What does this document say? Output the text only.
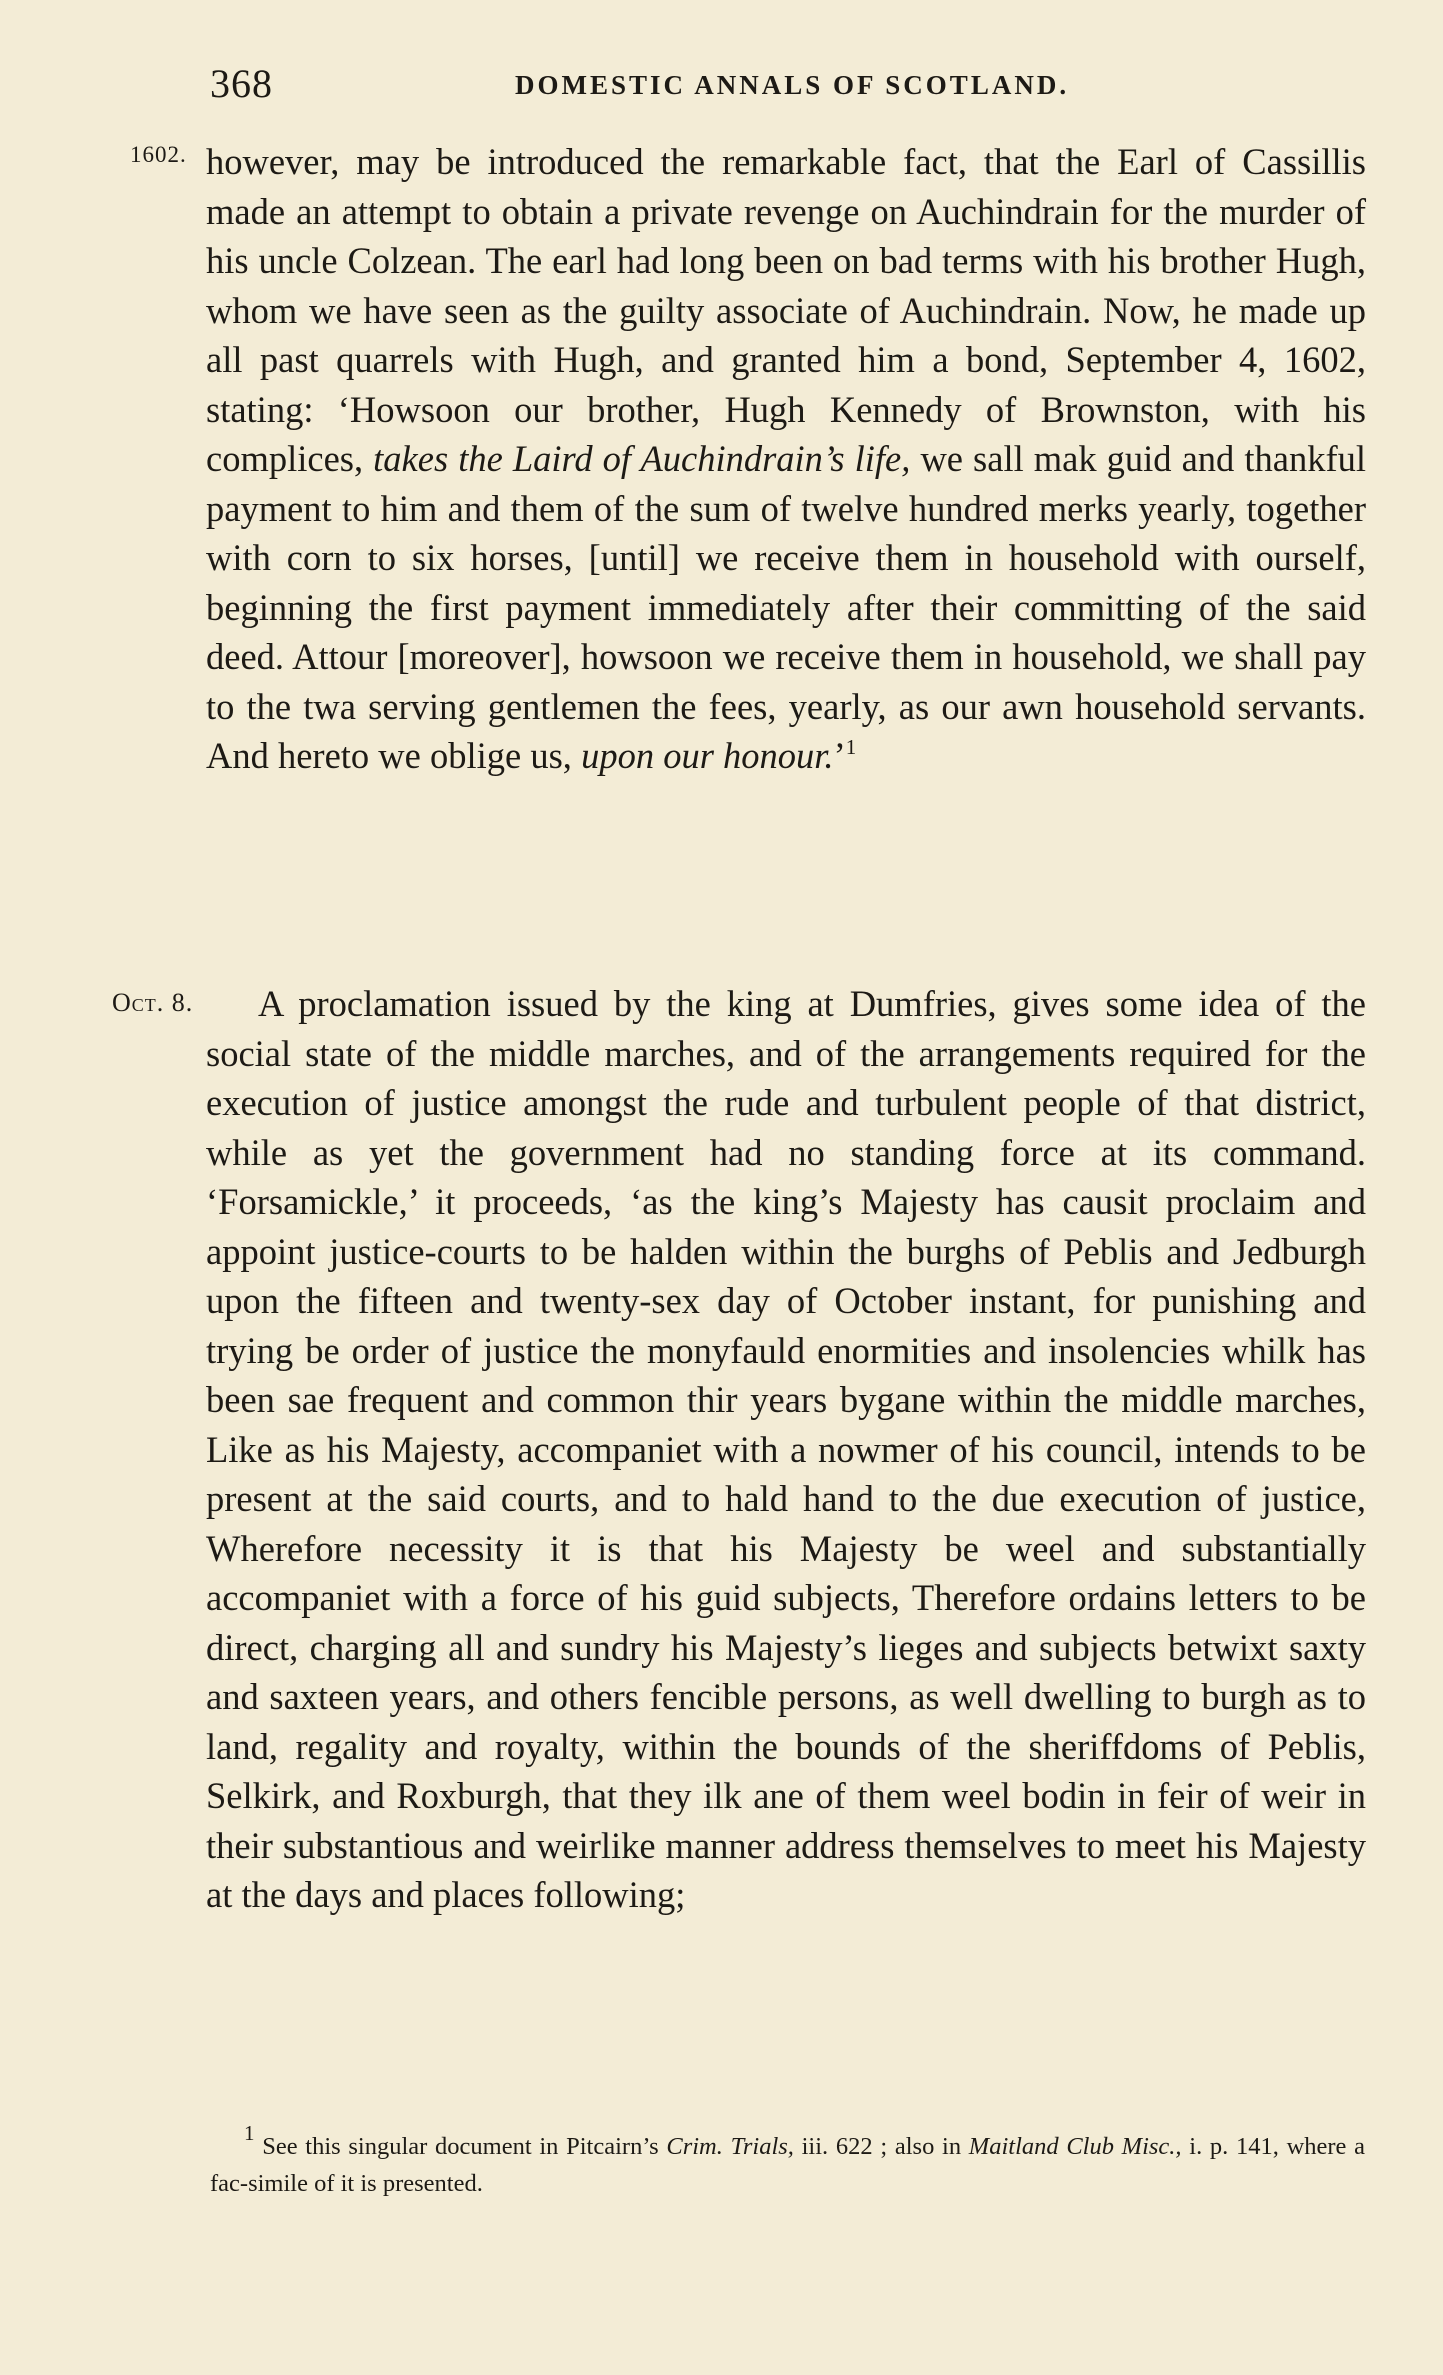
368	DOMESTIC ANNALS OF SCOTLAND.
1602.
Oct. 8.

however, may be introduced the remarkable fact, that the Earl of Cassillis made an attempt to obtain a private revenge on Auchindrain for the murder of his uncle Colzean. The earl had long been on bad terms with his brother Hugh, whom we have seen as the guilty associate of Auchindrain. Now, he made up all past quarrels with Hugh, and granted him a bond, September 4, 1602, stating: ‘Howsoon our brother, Hugh Kennedy of Brownston, with his complices, takes the Laird of Auchindrain’s life, we sall mak guid and thankful payment to him and them of the sum of twelve hundred merks yearly, together with corn to six horses, [until] we receive them in household with ourself, beginning the first payment immediately after their committing of the said deed. Attour [moreover], howsoon we receive them in household, we shall pay to the twa serving gentlemen the fees, yearly, as our awn household servants. And hereto we oblige us, upon our honour.’$^1$

A proclamation issued by the king at Dumfries, gives some idea of the social state of the middle marches, and of the arrangements required for the execution of justice amongst the rude and turbulent people of that district, while as yet the government had no standing force at its command. ‘Forsamickle,’ it proceeds, ‘as the king’s Majesty has causit proclaim and appoint justice-courts to be halden within the burghs of Peblis and Jedburgh upon the fifteen and twenty-sex day of October instant, for punishing and trying be order of justice the monyfauld enormities and insolencies whilk has been sae frequent and common thir years bygane within the middle marches, Like as his Majesty, accompaniet with a nowmer of his council, intends to be present at the said courts, and to hald hand to the due execution of justice, Wherefore necessity it is that his Majesty be weel and substantially accompaniet with a force of his guid subjects, Therefore ordains letters to be direct, charging all and sundry his Majesty’s lieges and subjects betwixt saxty and saxteen years, and others fencible persons, as well dwelling to burgh as to land, regality and royalty, within the bounds of the sheriffdoms of Peblis, Selkirk, and Roxburgh, that they ilk ane of them weel bodin in feir of weir in their substantious and weirlike manner address themselves to meet his Majesty at the days and places following;

$^1$ See this singular document in Pitcairn’s Crim. Trials, iii. 622 ; also in Maitland Club Misc., i. p. 141, where a fac-simile of it is presented.
